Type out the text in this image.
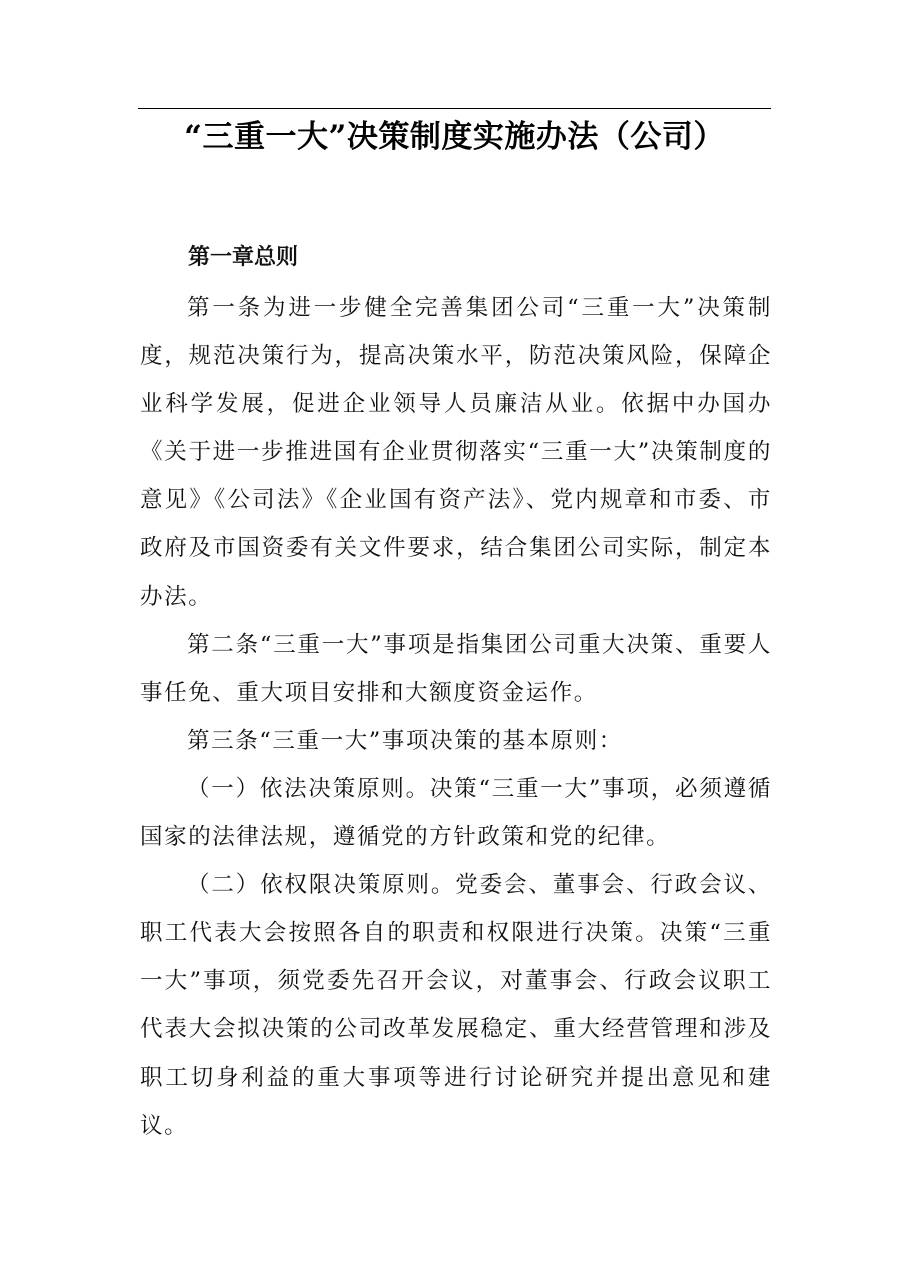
“三重一大”决策制度实施办法（公司）
第一章总则

第一条为进一步健全完善集团公司“三重一大”决策制度，规范决策行为，提高决策水平，防范决策风险，保障企业科学发展，促进企业领导人员廉洁从业。依据中办国办《关于进一步推进国有企业贯彻落实“三重一大”决策制度的意见》《公司法》《企业国有资产法》、党内规章和市委、市政府及市国资委有关文件要求，结合集团公司实际，制定本办法。

第二条“三重一大”事项是指集团公司重大决策、重要人事任免、重大项目安排和大额度资金运作。

第三条“三重一大”事项决策的基本原则：

（一）依法决策原则。决策“三重一大”事项，必须遵循国家的法律法规，遵循党的方针政策和党的纪律。

（二）依权限决策原则。党委会、董事会、行政会议、职工代表大会按照各自的职责和权限进行决策。决策“三重一大”事项，须党委先召开会议，对董事会、行政会议职工代表大会拟决策的公司改革发展稳定、重大经营管理和涉及职工切身利益的重大事项等进行讨论研究并提出意见和建议。
